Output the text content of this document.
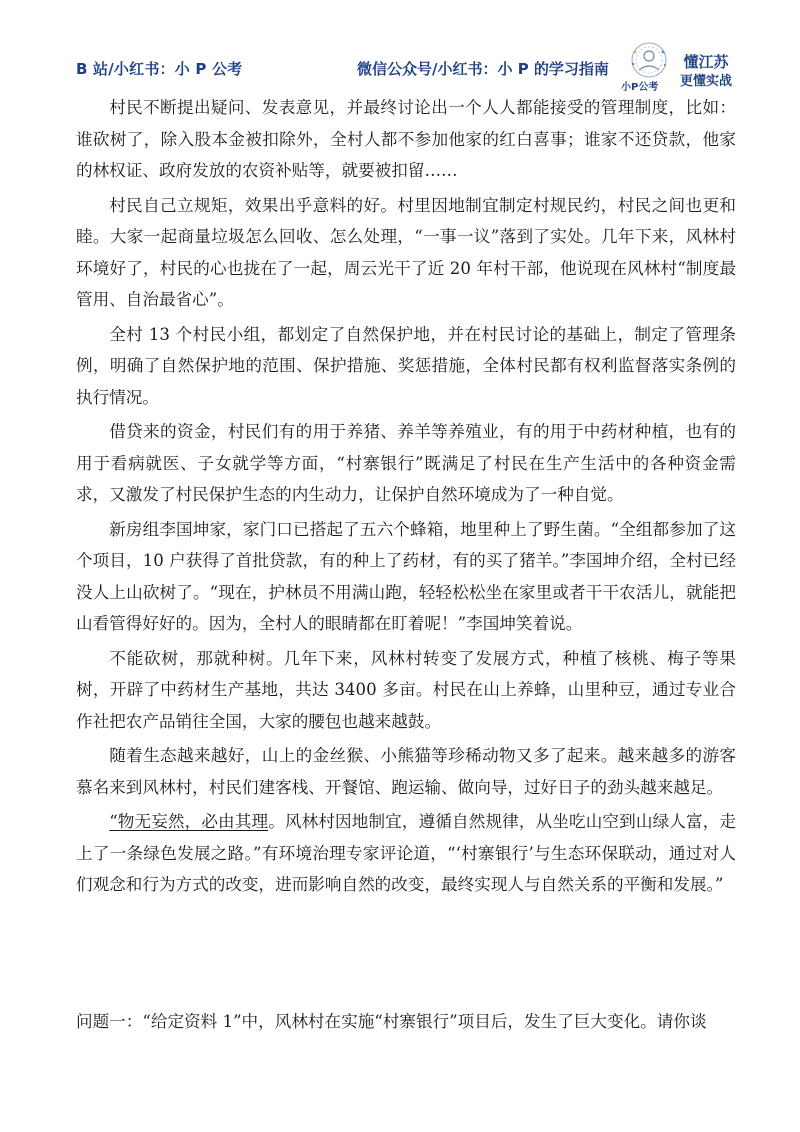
B 站/小红书：小 P 公考	微信公众号/小红书：小 P 的学习指南
小P公考
懂江苏
更懂实战

村民不断提出疑问、发表意见，并最终讨论出一个人人都能接受的管理制度，比如：谁砍树了，除入股本金被扣除外，全村人都不参加他家的红白喜事；谁家不还贷款，他家的林权证、政府发放的农资补贴等，就要被扣留……

村民自己立规矩，效果出乎意料的好。村里因地制宜制定村规民约，村民之间也更和睦。大家一起商量垃圾怎么回收、怎么处理，“一事一议”落到了实处。几年下来，风林村环境好了，村民的心也拢在了一起，周云光干了近 20 年村干部，他说现在风林村“制度最管用、自治最省心”。

全村 13 个村民小组，都划定了自然保护地，并在村民讨论的基础上，制定了管理条例，明确了自然保护地的范围、保护措施、奖惩措施，全体村民都有权利监督落实条例的执行情况。

借贷来的资金，村民们有的用于养猪、养羊等养殖业，有的用于中药材种植，也有的用于看病就医、子女就学等方面，“村寨银行”既满足了村民在生产生活中的各种资金需求，又激发了村民保护生态的内生动力，让保护自然环境成为了一种自觉。

新房组李国坤家，家门口已搭起了五六个蜂箱，地里种上了野生菌。“全组都参加了这个项目，10 户获得了首批贷款，有的种上了药材，有的买了猪羊。”李国坤介绍，全村已经没人上山砍树了。“现在，护林员不用满山跑，轻轻松松坐在家里或者干干农活儿，就能把山看管得好好的。因为，全村人的眼睛都在盯着呢！”李国坤笑着说。

不能砍树，那就种树。几年下来，风林村转变了发展方式，种植了核桃、梅子等果树，开辟了中药材生产基地，共达 3400 多亩。村民在山上养蜂，山里种豆，通过专业合作社把农产品销往全国，大家的腰包也越来越鼓。

随着生态越来越好，山上的金丝猴、小熊猫等珍稀动物又多了起来。越来越多的游客慕名来到风林村，村民们建客栈、开餐馆、跑运输、做向导，过好日子的劲头越来越足。

“物无妄然，必由其理。风林村因地制宜，遵循自然规律，从坐吃山空到山绿人富，走上了一条绿色发展之路。”有环境治理专家评论道，“‘村寨银行’与生态环保联动，通过对人们观念和行为方式的改变，进而影响自然的改变，最终实现人与自然关系的平衡和发展。”

问题一：“给定资料 1”中，风林村在实施“村寨银行”项目后，发生了巨大变化。请你谈
